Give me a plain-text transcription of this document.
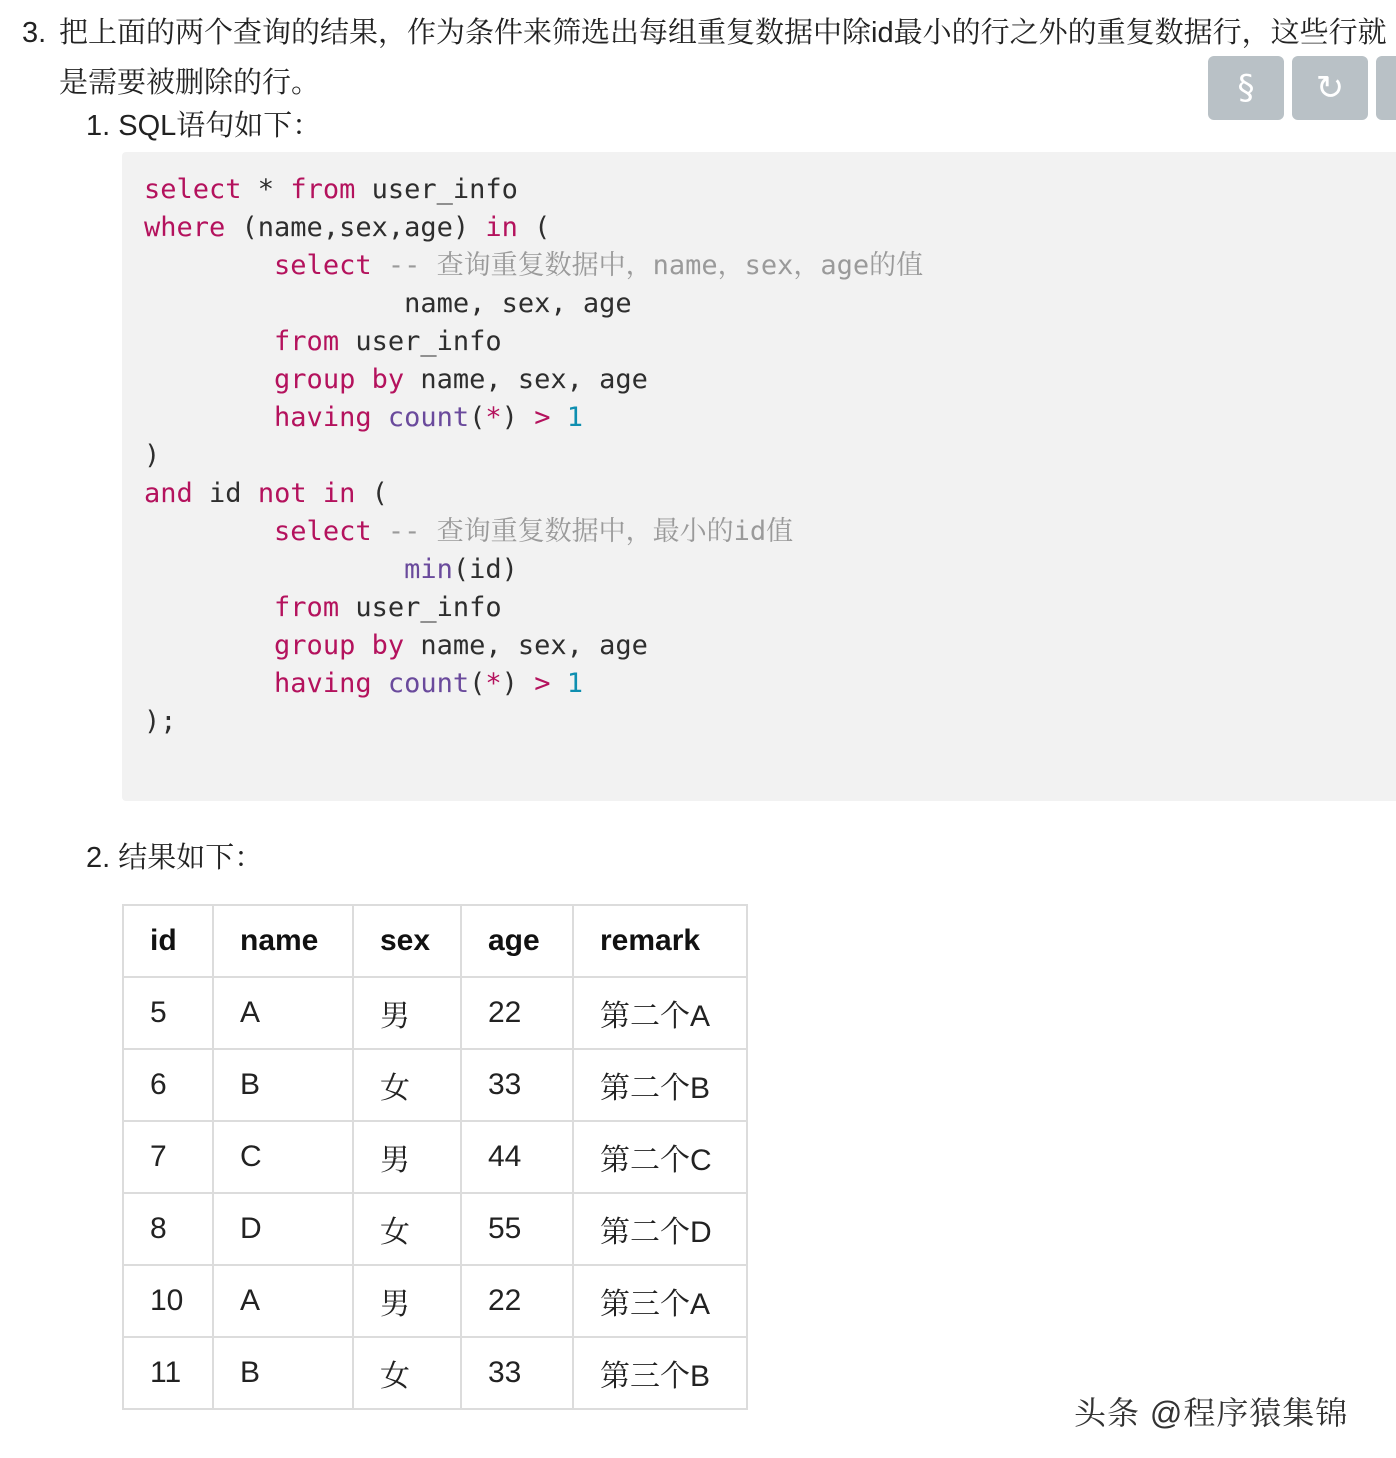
3. 把上面的两个查询的结果，作为条件来筛选出每组重复数据中除id最小的行之外的重复数据行，这些行就是需要被删除的行。	§ ↻
1. SQL语句如下：
select * from user_info
where (name,sex,age) in (
select -- 查询重复数据中，name，sex，age的值
name, sex, age
from user_info
group by name, sex, age
having count(*) > 1
)
and id not in (
select -- 查询重复数据中，最小的id值
min(id)
from user_info
group by name, sex, age
having count(*) > 1
);
2. 结果如下：
id	name	sex	age	remark
5	A	男	22	第二个A
6	B	女	33	第二个B
7	C	男	44	第二个C
8	D	女	55	第二个D
10	A	男	22	第三个A
11	B	女	33	第三个B
头条 @程序猿集锦
